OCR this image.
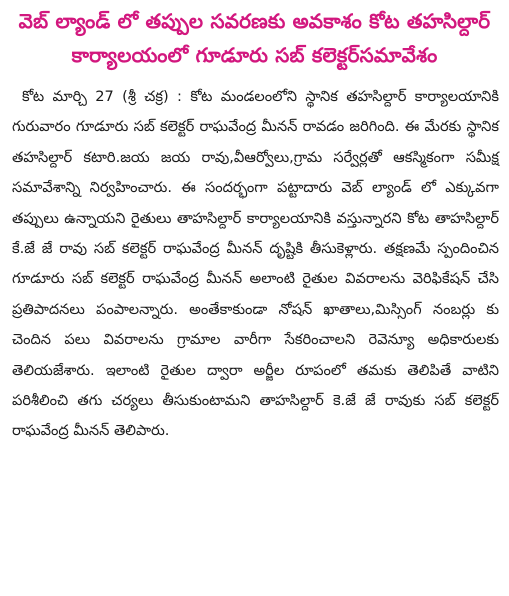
వెబ్ ల్యాండ్ లో తప్పుల సవరణకు అవకాశం కోట తహసిల్దార్
కార్యాలయంలో గూడూరు సబ్ కలెక్టర్‌సమావేశం

కోట మార్చి 27 (శ్రీ చక్ర) : కోట మండలంలోని స్థానిక తహసిల్దార్ కార్యాలయానికి గురువారం గూడూరు సబ్ కలెక్టర్ రాఘవేంద్ర మీనన్ రావడం జరిగింది. ఈ మేరకు స్థానిక తహసిల్దార్ కటారి.జయ జయ రావు,వీఆర్వోలు,గ్రామ సర్వేర్లతో ఆకస్మికంగా సమీక్ష సమావేశాన్ని నిర్వహించారు. ఈ సందర్భంగా పట్టాదారు వెబ్ ల్యాండ్ లో ఎక్కువగా తప్పులు ఉన్నాయని రైతులు తాహసిల్దార్ కార్యాలయానికి వస్తున్నారని కోట తాహసిల్దార్ కే.జే జే రావు సబ్ కలెక్టర్ రాఘవేంద్ర మీనన్ దృష్టికి తీసుకెళ్లారు. తక్షణమే స్పందించిన గూడూరు సబ్ కలెక్టర్ రాఘవేంద్ర మీనన్ అలాంటి రైతుల వివరాలను వెరిఫికేషన్ చేసి ప్రతిపాదనలు పంపాలన్నారు. అంతేకాకుండా నోషన్ ఖాతాలు,మిస్సింగ్ నంబర్లు కు చెందిన పలు వివరాలను గ్రామాల వారీగా సేకరించాలని రెవెన్యూ అధికారులకు తెలియజేశారు. ఇలాంటి రైతుల ద్వారా అర్జీల రూపంలో తమకు తెలిపితే వాటిని పరిశీలించి తగు చర్యలు తీసుకుంటామని తాహసిల్దార్ కె.జే జే రావుకు సబ్ కలెక్టర్ రాఘవేంద్ర మీనన్ తెలిపారు.
